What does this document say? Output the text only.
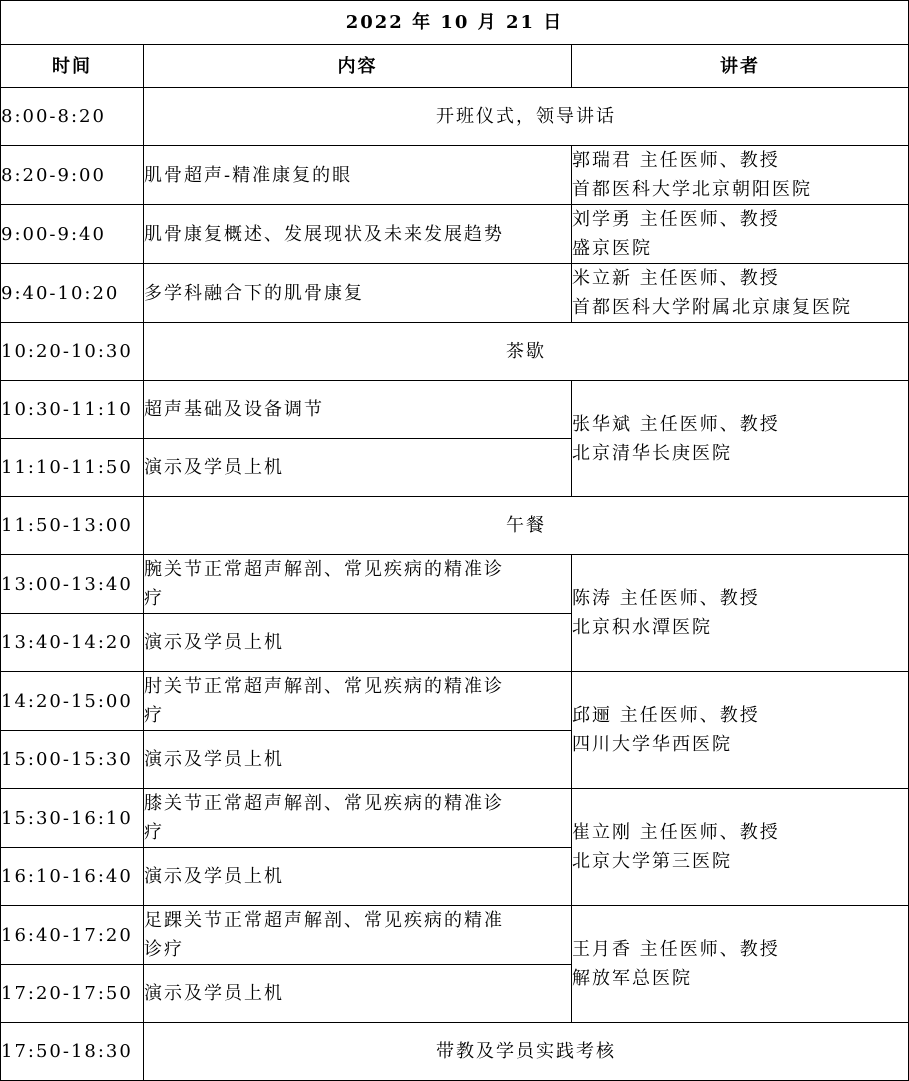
2022 年 10 月 21 日		
时间	内容	讲者
8:00-8:20	开班仪式，领导讲话	
8:20-9:00	肌骨超声-精准康复的眼	郭瑞君 主任医师、教授
首都医科大学北京朝阳医院

9:00-9:40	肌骨康复概述、发展现状及未来发展趋势	刘学勇 主任医师、教授
盛京医院

9:40-10:20	多学科融合下的肌骨康复	米立新 主任医师、教授
首都医科大学附属北京康复医院

10:20-10:30	茶歇	
10:30-11:10	超声基础及设备调节	张华斌 主任医师、教授
北京清华长庚医院

11:10-11:50	演示及学员上机	
11:50-13:00	午餐	
13:00-13:40	腕关节正常超声解剖、常见疾病的精准诊
疗	陈涛 主任医师、教授
北京积水潭医院

13:40-14:20	演示及学员上机	
14:20-15:00	肘关节正常超声解剖、常见疾病的精准诊
疗	邱逦 主任医师、教授
四川大学华西医院

15:00-15:30	演示及学员上机	
15:30-16:10	膝关节正常超声解剖、常见疾病的精准诊
疗	崔立刚 主任医师、教授
北京大学第三医院

16:10-16:40	演示及学员上机	
16:40-17:20	足踝关节正常超声解剖、常见疾病的精准
诊疗	王月香 主任医师、教授
解放军总医院

17:20-17:50	演示及学员上机	
17:50-18:30	带教及学员实践考核	
